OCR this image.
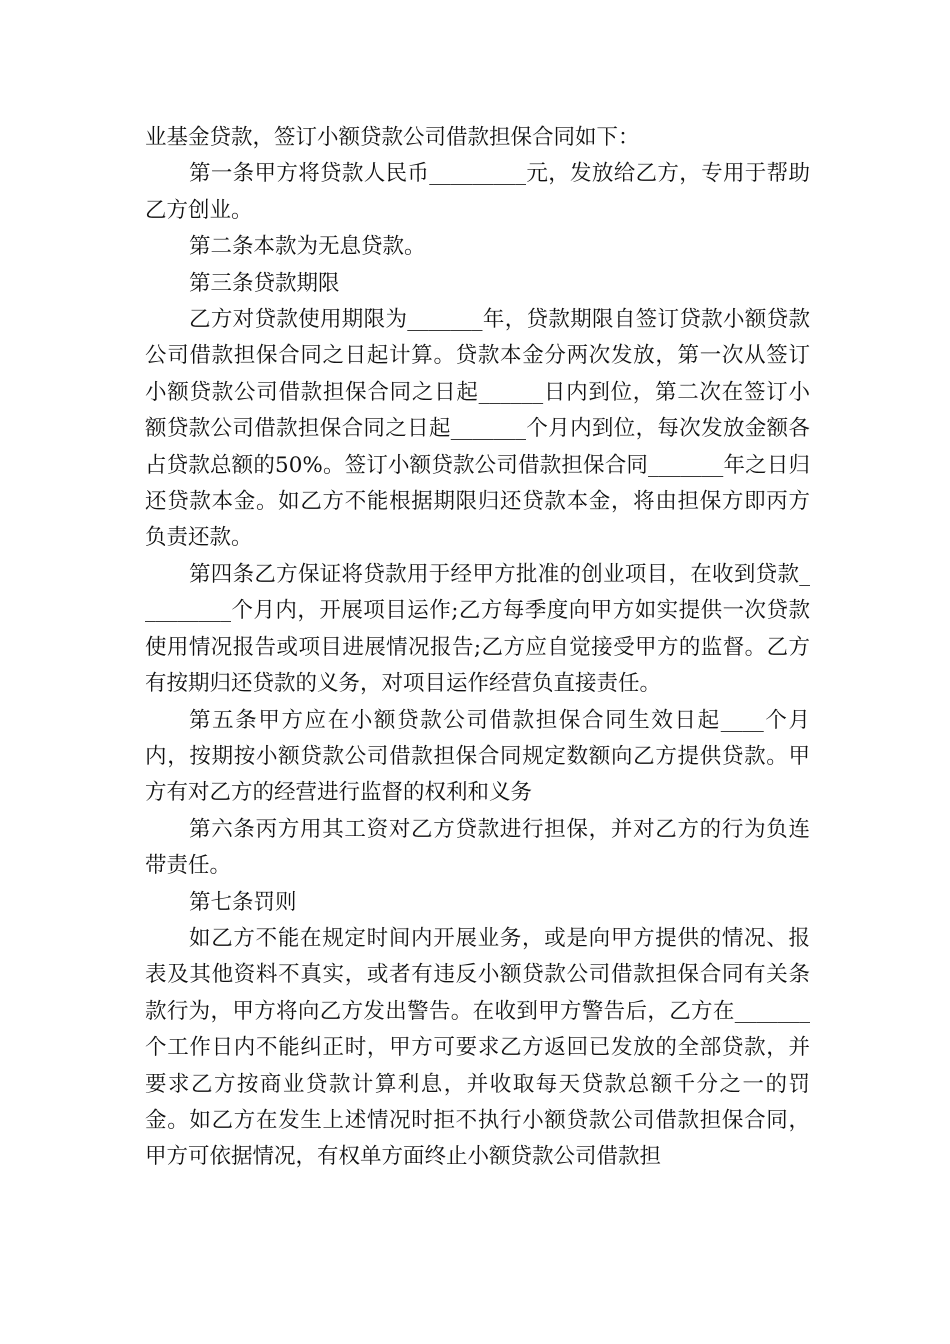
业基金贷款，签订小额贷款公司借款担保合同如下：

第一条甲方将贷款人民币_________元，发放给乙方，专用于帮助乙方创业。

第二条本款为无息贷款。

第三条贷款期限

乙方对贷款使用期限为_______年，贷款期限自签订贷款小额贷款公司借款担保合同之日起计算。贷款本金分两次发放，第一次从签订小额贷款公司借款担保合同之日起______日内到位，第二次在签订小额贷款公司借款担保合同之日起_______个月内到位，每次发放金额各占贷款总额的50%。签订小额贷款公司借款担保合同_______年之日归还贷款本金。如乙方不能根据期限归还贷款本金，将由担保方即丙方负责还款。

第四条乙方保证将贷款用于经甲方批准的创业项目，在收到贷款_________个月内，开展项目运作;乙方每季度向甲方如实提供一次贷款使用情况报告或项目进展情况报告;乙方应自觉接受甲方的监督。乙方有按期归还贷款的义务，对项目运作经营负直接责任。

第五条甲方应在小额贷款公司借款担保合同生效日起____个月内，按期按小额贷款公司借款担保合同规定数额向乙方提供贷款。甲方有对乙方的经营进行监督的权利和义务

第六条丙方用其工资对乙方贷款进行担保，并对乙方的行为负连带责任。

第七条罚则

如乙方不能在规定时间内开展业务，或是向甲方提供的情况、报表及其他资料不真实，或者有违反小额贷款公司借款担保合同有关条款行为，甲方将向乙方发出警告。在收到甲方警告后，乙方在_______个工作日内不能纠正时，甲方可要求乙方返回已发放的全部贷款，并要求乙方按商业贷款计算利息，并收取每天贷款总额千分之一的罚金。如乙方在发生上述情况时拒不执行小额贷款公司借款担保合同，甲方可依据情况，有权单方面终止小额贷款公司借款担
